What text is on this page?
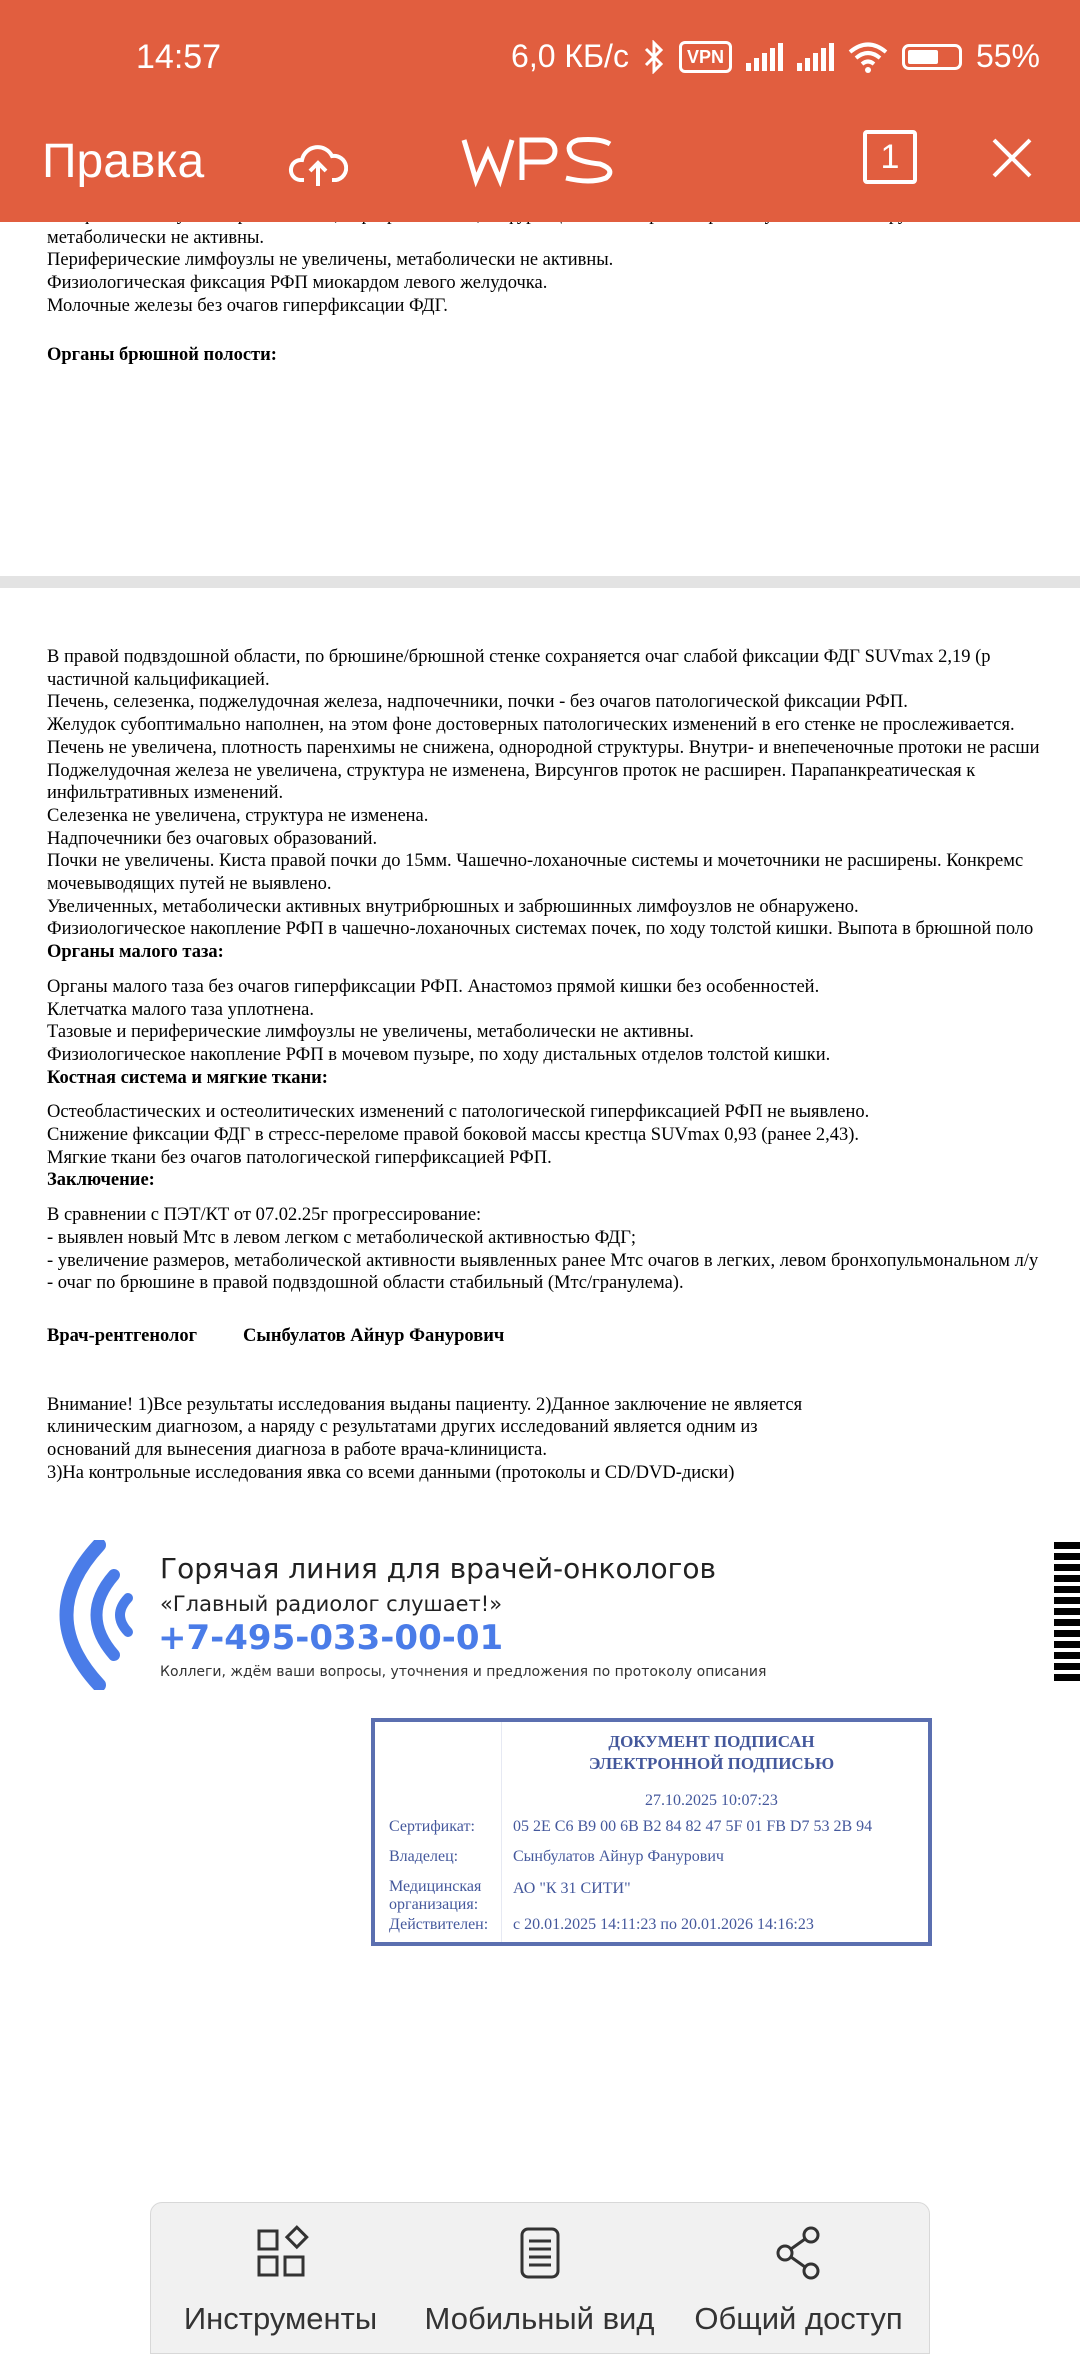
14:57	6,0 КБ/с	VPN	55%
Правка	1

метаболически не активны.

Периферические лимфоузлы не увеличены, метаболически не активны.

Физиологическая фиксация РФП миокардом левого желудочка.

Молочные железы без очагов гиперфиксации ФДГ.

Органы брюшной полости:

В правой подвздошной области, по брюшине/брюшной стенке сохраняется очаг слабой фиксации ФДГ SUVmax 2,19 (р

частичной кальцификацией.

Печень, селезенка, поджелудочная железа, надпочечники, почки - без очагов патологической фиксации РФП.

Желудок субоптимально наполнен, на этом фоне достоверных патологических изменений в его стенке не прослеживается.

Печень не увеличена, плотность паренхимы не снижена, однородной структуры. Внутри- и внепеченочные протоки не расши

Поджелудочная железа не увеличена, структура не изменена, Вирсунгов проток не расширен. Парапанкреатическая к

инфильтративных изменений.

Селезенка не увеличена, структура не изменена.

Надпочечники без очаговых образований.

Почки не увеличены. Киста правой почки до 15мм. Чашечно-лоханочные системы и мочеточники не расширены. Конкремс

мочевыводящих путей не выявлено.

Увеличенных, метаболически активных внутрибрюшных и забрюшинных лимфоузлов не обнаружено.

Физиологическое накопление РФП в чашечно-лоханочных системах почек, по ходу толстой кишки. Выпота в брюшной поло

Органы малого таза:

Органы малого таза без очагов гиперфиксации РФП. Анастомоз прямой кишки без особенностей.

Клетчатка малого таза уплотнена.

Тазовые и периферические лимфоузлы не увеличены, метаболически не активны.

Физиологическое накопление РФП в мочевом пузыре, по ходу дистальных отделов толстой кишки.

Костная система и мягкие ткани:

Остеобластических и остеолитических изменений с патологической гиперфиксацией РФП не выявлено.

Снижение фиксации ФДГ в стресс-переломе правой боковой массы крестца SUVmax 0,93 (ранее 2,43).

Мягкие ткани без очагов патологической гиперфиксацией РФП.

Заключение:

В сравнении с ПЭТ/КТ от 07.02.25г прогрессирование:

- выявлен новый Мтс в левом легком с метаболической активностью ФДГ;

- увеличение размеров, метаболической активности выявленных ранее Мтс очагов в легких, левом бронхопульмональном л/у

- очаг по брюшине в правой подвздошной области стабильный (Мтс/гранулема).

Врач-рентгенолог Сынбулатов Айнур Фанурович

Внимание! 1)Все результаты исследования выданы пациенту. 2)Данное заключение не является

клиническим диагнозом, а наряду с результатами других исследований является одним из

оснований для вынесения диагноза в работе врача-клинициста.

3)На контрольные исследования явка со всеми данными (протоколы и CD/DVD-диски)

Горячая линия для врачей-онкологов
«Главный радиолог слушает!»
+7-495-033-00-01
Коллеги, ждём ваши вопросы, уточнения и предложения по протоколу описания
ДОКУМЕНТ ПОДПИСАН
ЭЛЕКТРОННОЙ ПОДПИСЬЮ
27.10.2025 10:07:23
Сертификат: 05 2E C6 B9 00 6B B2 84 82 47 5F 01 FB D7 53 2B 94
Владелец:	Сынбулатов Айнур Фанурович
Медицинская
организация:
АО "К 31 СИТИ"
Действителен: с 20.01.2025 14:11:23 по 20.01.2026 14:16:23
Инструменты	Мобильный вид	Общий доступ
